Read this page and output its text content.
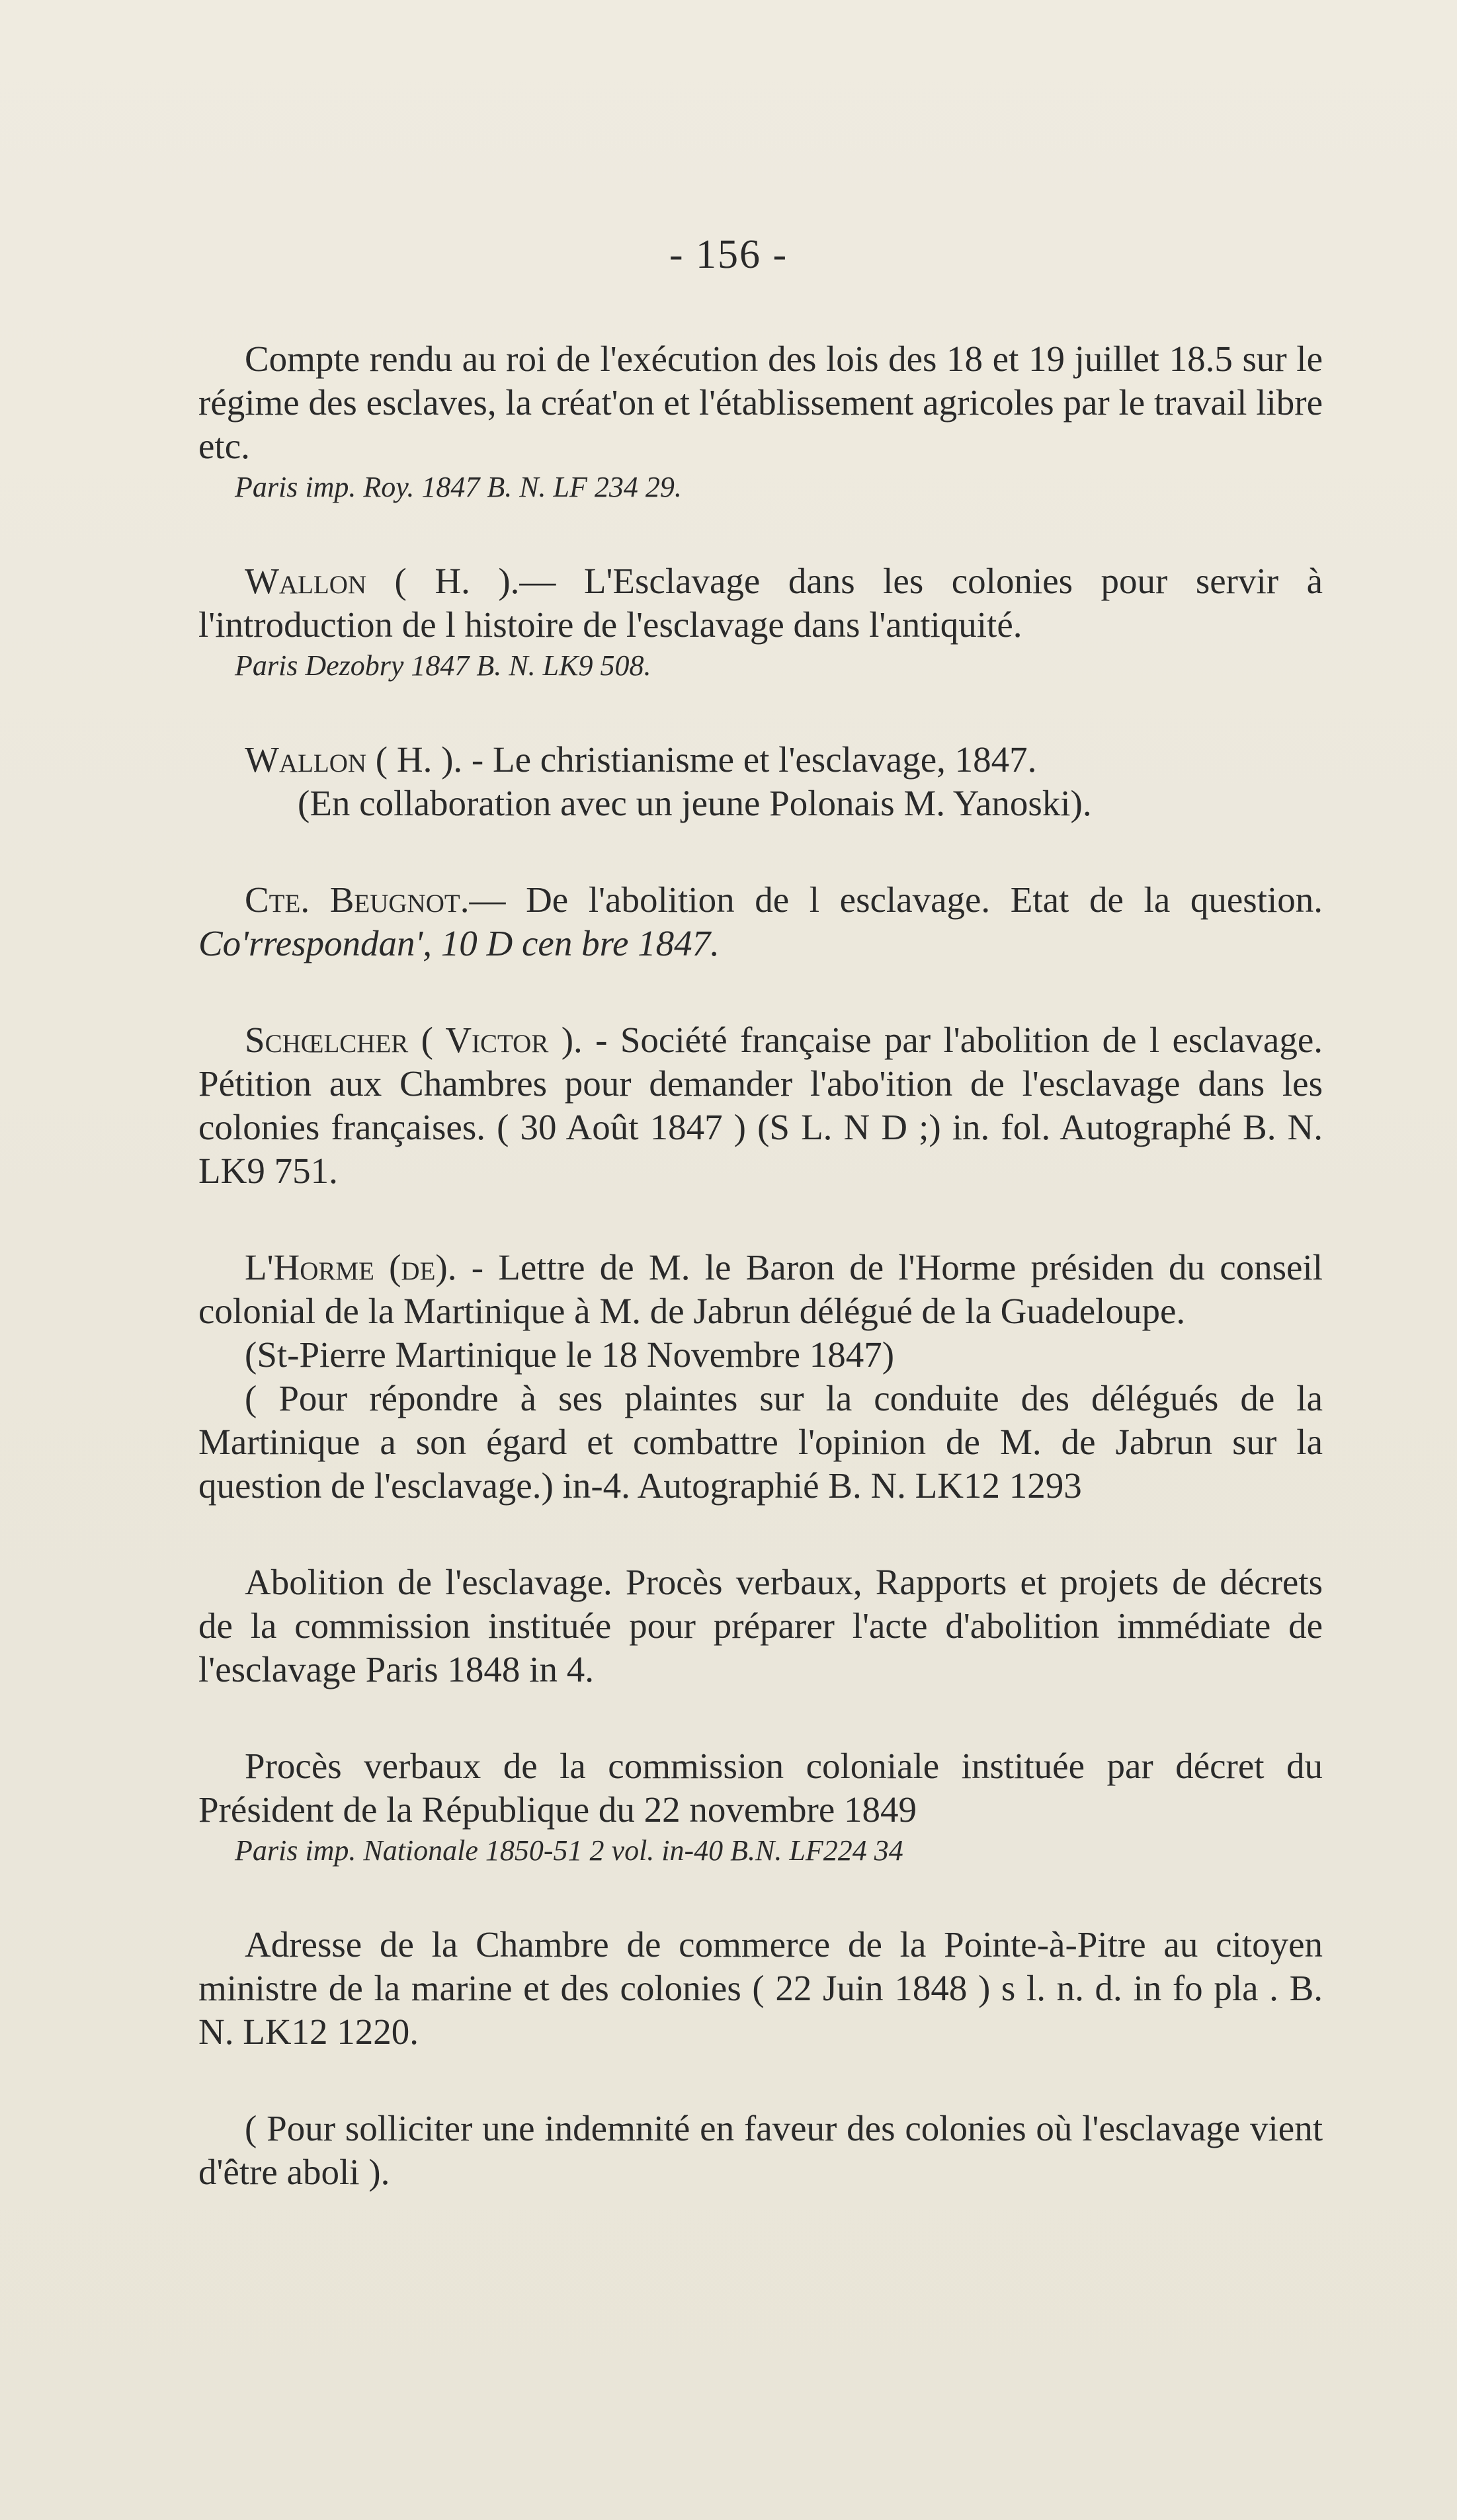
- 156 -

Compte rendu au roi de l'exécution des lois des 18 et 19 juillet 18.5 sur le régime des esclaves, la créat'on et l'établissement agricoles par le travail libre etc.

Paris imp. Roy. 1847 B. N. LF 234 29.

Wallon ( H. ).— L'Esclavage dans les colonies pour servir à l'introduction de l histoire de l'esclavage dans l'antiquité.

Paris Dezobry 1847 B. N. LK9 508.

Wallon ( H. ). - Le christianisme et l'esclavage, 1847.

(En collaboration avec un jeune Polonais M. Yanoski).

Cte. Beugnot.— De l'abolition de l esclavage. Etat de la question. Co'rrespondan', 10 D cen bre 1847.

Schœlcher ( Victor ). - Société française par l'abolition de l esclavage. Pétition aux Chambres pour demander l'abo'ition de l'esclavage dans les colonies françaises. ( 30 Août 1847 ) (S L. N D ;) in. fol. Autographé B. N. LK9 751.

L'Horme (de). - Lettre de M. le Baron de l'Horme présiden du conseil colonial de la Martinique à M. de Jabrun délégué de la Guadeloupe.

(St-Pierre Martinique le 18 Novembre 1847)

( Pour répondre à ses plaintes sur la conduite des délégués de la Martinique a son égard et combattre l'opinion de M. de Jabrun sur la question de l'esclavage.) in-4. Autographié B. N. LK12 1293

Abolition de l'esclavage. Procès verbaux, Rapports et projets de décrets de la commission instituée pour préparer l'acte d'abolition immédiate de l'esclavage Paris 1848 in 4.

Procès verbaux de la commission coloniale instituée par décret du Président de la République du 22 novembre 1849

Paris imp. Nationale 1850-51 2 vol. in-40 B.N. LF224 34

Adresse de la Chambre de commerce de la Pointe-à-Pitre au citoyen ministre de la marine et des colonies ( 22 Juin 1848 ) s l. n. d. in fo pla . B. N. LK12 1220.

( Pour solliciter une indemnité en faveur des colonies où l'esclavage vient d'être aboli ).
